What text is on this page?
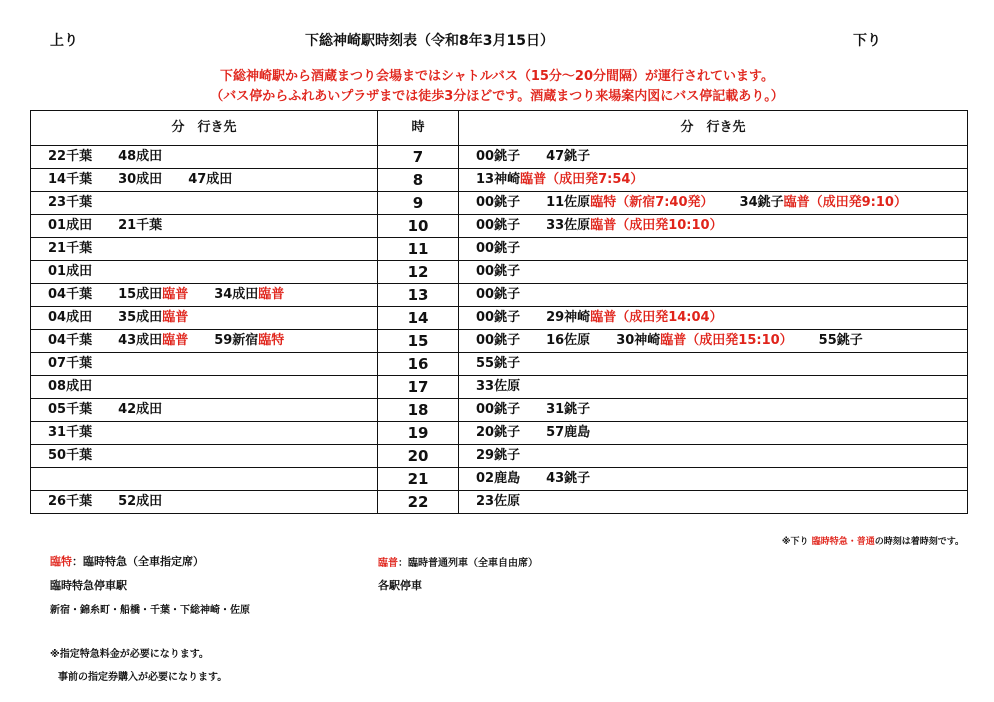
上り	下総神崎駅時刻表（令和8年3月15日）	下り
下総神崎駅から酒蔵まつり会場まではシャトルバス（15分～20分間隔）が運行されています。
（バス停からふれあいプラザまでは徒歩3分ほどです。酒蔵まつり来場案内図にバス停記載あり。）
分　行き先	時	分　行き先
22千葉 48成田	7	00銚子 47銚子
14千葉 30成田 47成田	8	13神崎臨普（成田発7:54）
23千葉	9	00銚子 11佐原臨特（新宿7:40発） 34銚子臨普（成田発9:10）
01成田 21千葉	10	00銚子 33佐原臨普（成田発10:10）
21千葉	11	00銚子
01成田	12	00銚子
04千葉 15成田臨普 34成田臨普	13	00銚子
04成田 35成田臨普	14	00銚子 29神崎臨普（成田発14:04）
04千葉 43成田臨普 59新宿臨特	15	00銚子 16佐原 30神崎臨普（成田発15:10） 55銚子
07千葉	16	55銚子
08成田	17	33佐原
05千葉 42成田	18	00銚子 31銚子
31千葉	19	20銚子 57鹿島
50千葉	20	29銚子
	21	02鹿島 43銚子
26千葉 52成田	22	23佐原
※下り 臨時特急・普通の時刻は着時刻です。
臨特：臨時特急（全車指定席）
臨時特急停車駅
新宿・錦糸町・船橋・千葉・下総神崎・佐原
※指定特急料金が必要になります。
事前の指定券購入が必要になります。
臨普：臨時普通列車（全車自由席）
各駅停車
